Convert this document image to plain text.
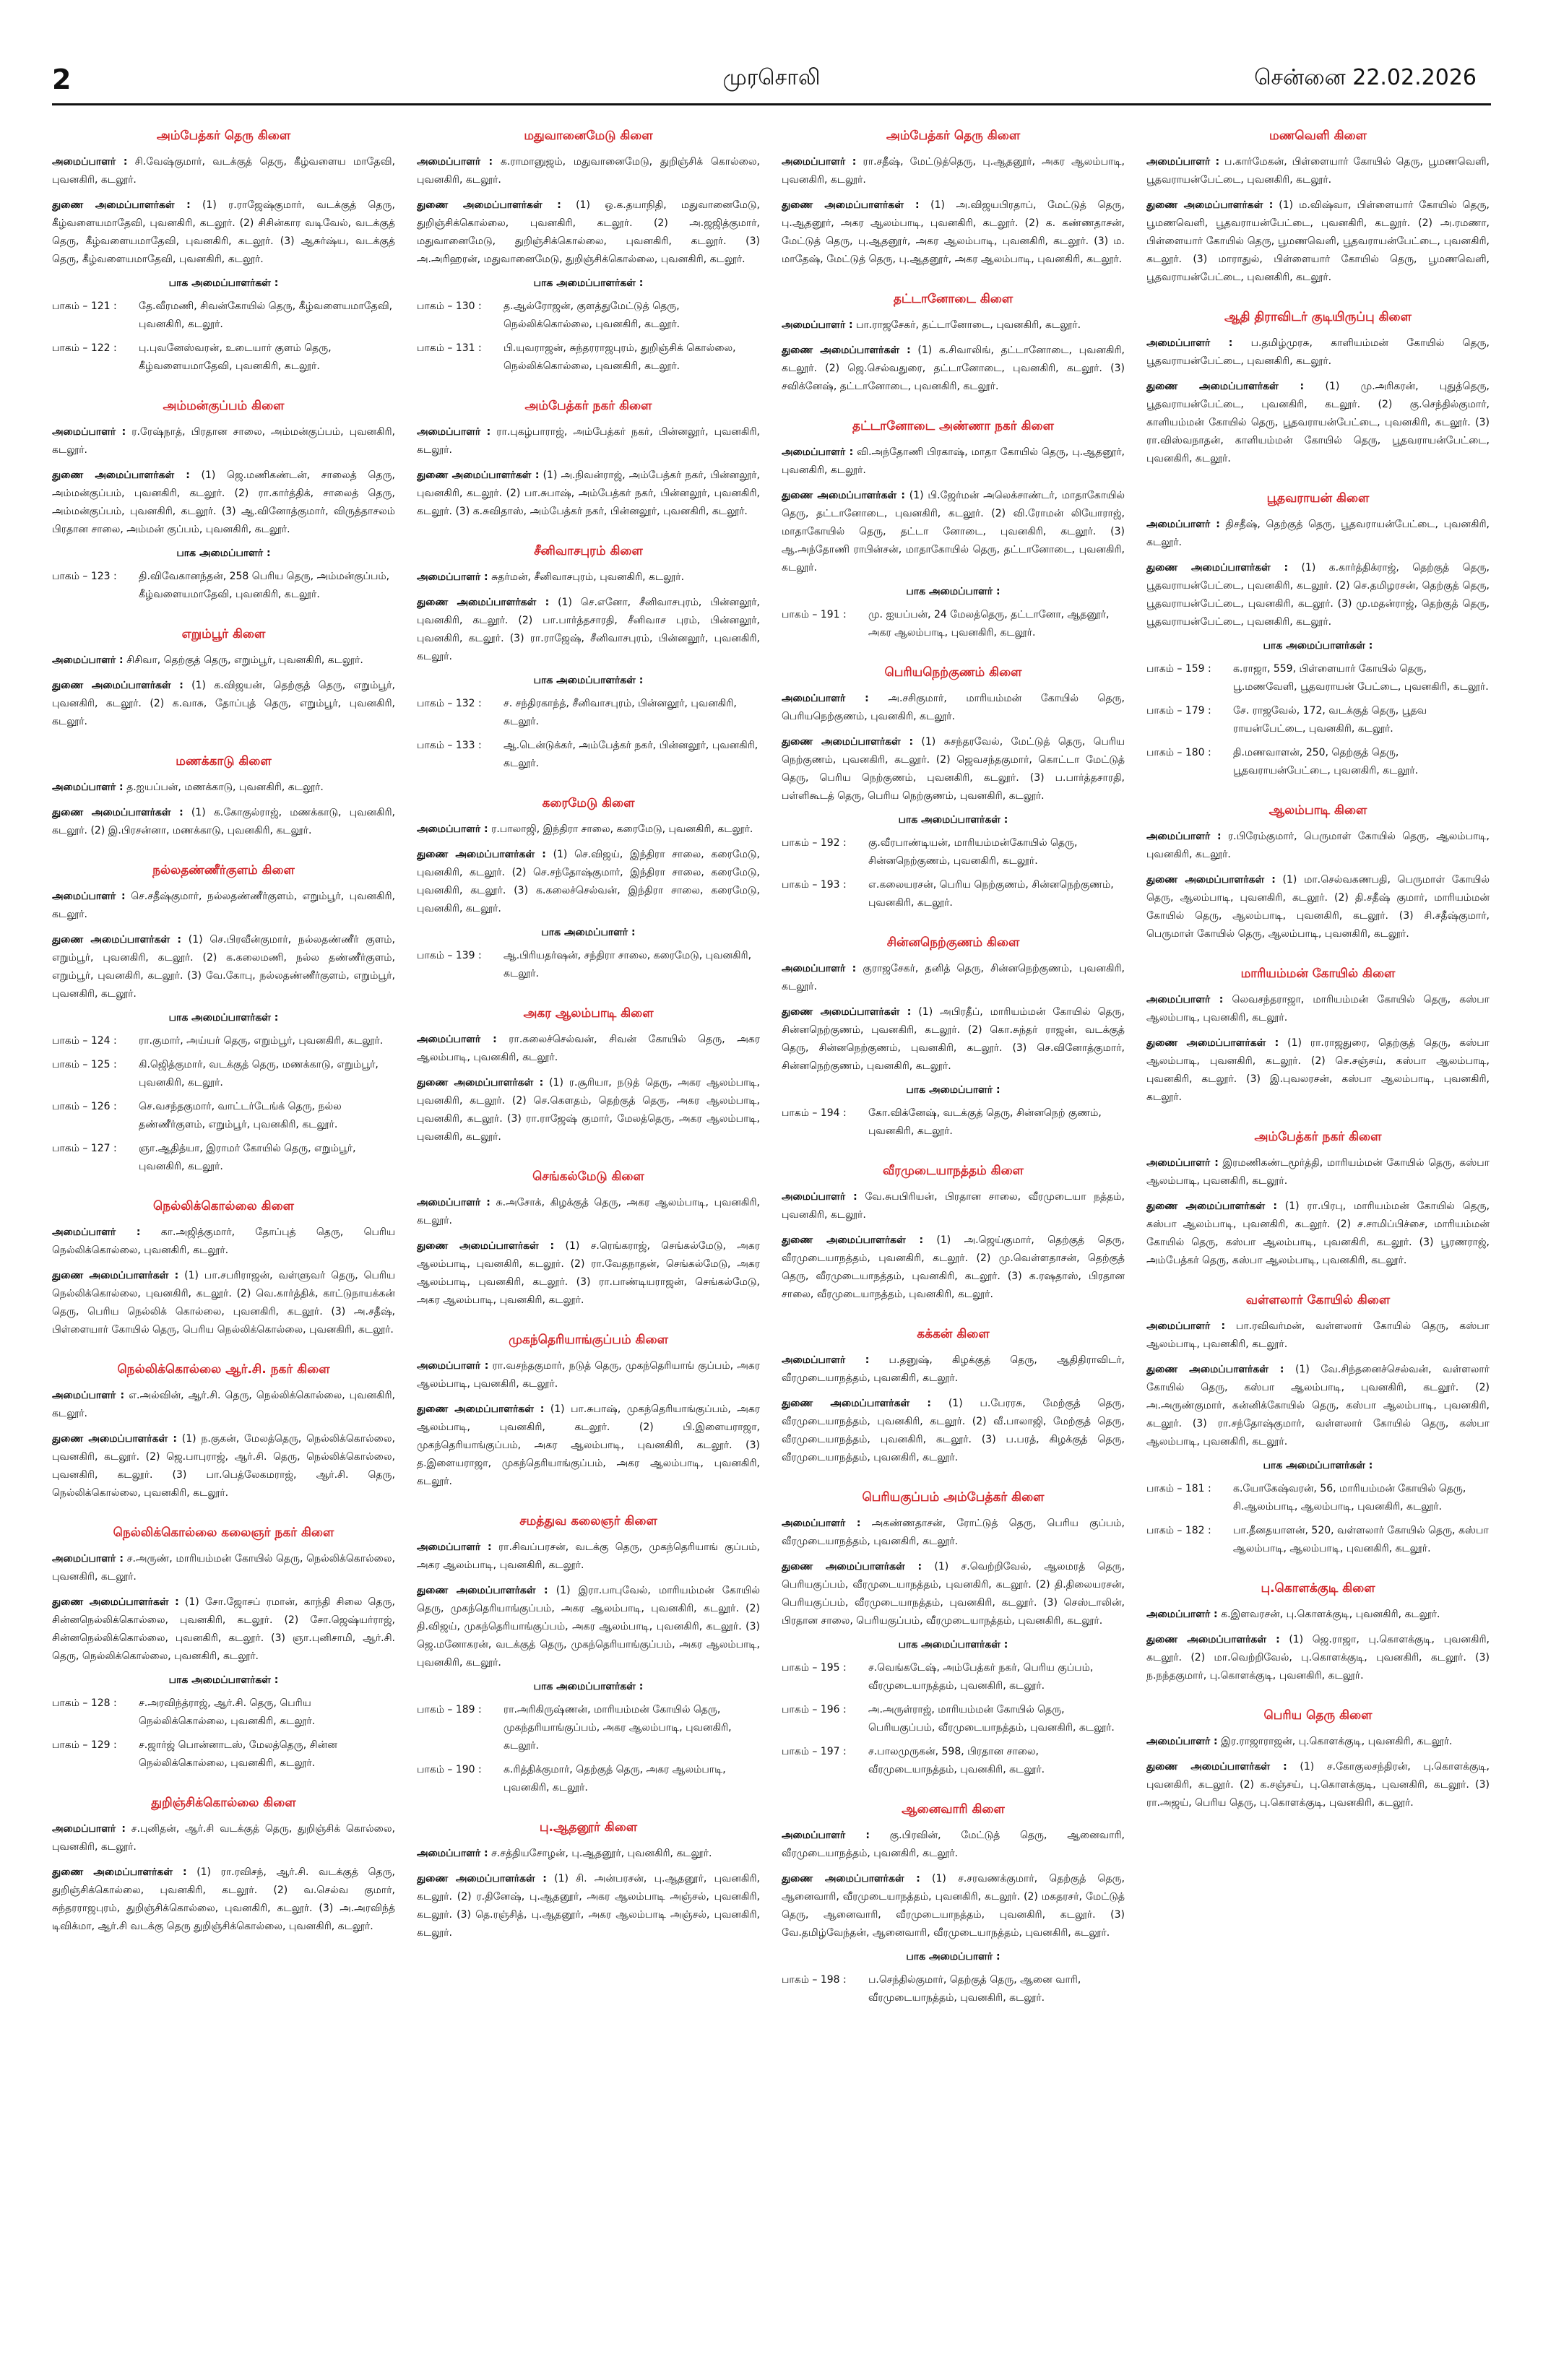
2	முரசொலி	சென்னை 22.02.2026
அம்பேத்கர் தெரு கிளை
அமைப்பாளர் : சி.வேஷ்குமார், வடக்குத் தெரு, கீழ்வளைய மாதேவி, புவனகிரி, கடலூர்.
துணை அமைப்பாளர்கள் : (1) ர.ராஜேஷ்குமார், வடக்குத் தெரு, கீழ்வளையமாதேவி, புவனகிரி, கடலூர். (2) சிசின்கார வடிவேல், வடக்குத் தெரு, கீழ்வளையமாதேவி, புவனகிரி, கடலூர். (3) ஆசுர்ஷ்ய, வடக்குத் தெரு, கீழ்வளையமாதேவி, புவனகிரி, கடலூர்.
பாக அமைப்பாளர்கள் :
பாகம் – 121 :	தே.வீரமணி, சிவன்கோயில் தெரு, கீழ்வளையமாதேவி, புவனகிரி, கடலூர்.
பாகம் – 122 :	பு.புவனேஸ்வரன், உடையார் குளம் தெரு, கீழ்வளையமாதேவி, புவனகிரி, கடலூர்.
அம்மன்குப்பம் கிளை
அமைப்பாளர் : ர.ரேஷ்நாத், பிரதான சாலை, அம்மன்குப்பம், புவனகிரி, கடலூர்.
துணை அமைப்பாளர்கள் : (1) ஜெ.மணிகண்டன், சாலைத் தெரு, அம்மன்குப்பம், புவனகிரி, கடலூர். (2) ரா.கார்த்திக், சாலைத் தெரு, அம்மன்குப்பம், புவனகிரி, கடலூர். (3) ஆ.வினோத்குமார், விருத்தாசலம் பிரதான சாலை, அம்மன் குப்பம், புவனகிரி, கடலூர்.
பாக அமைப்பாளர் :
பாகம் – 123 :	தி.விவேகானந்தன், 258 பெரிய தெரு, அம்மன்குப்பம், கீழ்வளையமாதேவி, புவனகிரி, கடலூர்.
எறும்பூர் கிளை
அமைப்பாளர் : சிசிவா, தெற்குத் தெரு, எறும்பூர், புவனகிரி, கடலூர்.
துணை அமைப்பாளர்கள் : (1) க.விஜயன், தெற்குத் தெரு, எறும்பூர், புவனகிரி, கடலூர். (2) க.வாசு, தோப்புத் தெரு, எறும்பூர், புவனகிரி, கடலூர்.
மணக்காடு கிளை
அமைப்பாளர் : த.ஐயப்பன், மணக்காடு, புவனகிரி, கடலூர்.
துணை அமைப்பாளர்கள் : (1) க.கோகுல்ராஜ், மணக்காடு, புவனகிரி, கடலூர். (2) இ.பிரசன்னா, மணக்காடு, புவனகிரி, கடலூர்.
நல்லதண்ணீர்குளம் கிளை
அமைப்பாளர் : செ.சதீஷ்குமார், நல்லதண்ணீர்குளம், எறும்பூர், புவனகிரி, கடலூர்.
துணை அமைப்பாளர்கள் : (1) செ.பிரவீன்குமார், நல்லதண்ணீர் குளம், எறும்பூர், புவனகிரி, கடலூர். (2) க.கலைமணி, நல்ல தண்ணீர்குளம், எறும்பூர், புவனகிரி, கடலூர். (3) வே.கோபு, நல்லதண்ணீர்குளம், எறும்பூர், புவனகிரி, கடலூர்.
பாக அமைப்பாளர்கள் :
பாகம் – 124 :	ரா.குமார், அய்யர் தெரு, எறும்பூர், புவனகிரி, கடலூர்.
பாகம் – 125 :	கி.ஜெித்குமார், வடக்குத் தெரு, மணக்காடு, எறும்பூர், புவனகிரி, கடலூர்.
பாகம் – 126 :	செ.வசந்தகுமார், வாட்டர்டேங்க் தெரு, நல்ல தண்ணீர்குளம், எறும்பூர், புவனகிரி, கடலூர்.
பாகம் – 127 :	ஞா.ஆதித்யா, இராமர் கோயில் தெரு, எறும்பூர், புவனகிரி, கடலூர்.
நெல்லிக்கொல்லை கிளை
அமைப்பாளர் : கா.அஜித்குமார், தோப்புத் தெரு, பெரிய நெல்லிக்கொல்லை, புவனகிரி, கடலூர்.
துணை அமைப்பாளர்கள் : (1) பா.சபரிராஜன், வள்ளுவர் தெரு, பெரிய நெல்லிக்கொல்லை, புவனகிரி, கடலூர். (2) வெ.கார்த்திக், காட்டுநாயக்கன் தெரு, பெரிய நெல்லிக் கொல்லை, புவனகிரி, கடலூர். (3) அ.சதீஷ், பிள்ளையார் கோயில் தெரு, பெரிய நெல்லிக்கொல்லை, புவனகிரி, கடலூர்.
நெல்லிக்கொல்லை ஆர்.சி. நகர் கிளை
அமைப்பாளர் : எ.அல்வின், ஆர்.சி. தெரு, நெல்லிக்கொல்லை, புவனகிரி, கடலூர்.
துணை அமைப்பாளர்கள் : (1) ந.குகன், மேலத்தெரு, நெல்லிக்கொல்லை, புவனகிரி, கடலூர். (2) ஜெ.பாபுராஜ், ஆர்.சி. தெரு, நெல்லிக்கொல்லை, புவனகிரி, கடலூர். (3) பா.பெத்லேகமராஜ், ஆர்.சி. தெரு, நெல்லிக்கொல்லை, புவனகிரி, கடலூர்.
நெல்லிக்கொல்லை கலைஞர் நகர் கிளை
அமைப்பாளர் : ச.அருண், மாரியம்மன் கோயில் தெரு, நெல்லிக்கொல்லை, புவனகிரி, கடலூர்.
துணை அமைப்பாளர்கள் : (1) சோ.ஜோசப் ரமான், காந்தி சிலை தெரு, சின்னநெல்லிக்கொல்லை, புவனகிரி, கடலூர். (2) சோ.ஜெஷ்யர்ராஜ், சின்னநெல்லிக்கொல்லை, புவனகிரி, கடலூர். (3) ஞா.புனிசாமி, ஆர்.சி. தெரு, நெல்லிக்கொல்லை, புவனகிரி, கடலூர்.
பாக அமைப்பாளர்கள் :
பாகம் – 128 :	ச.அரவிந்த்ராஜ், ஆர்.சி. தெரு, பெரிய நெல்லிக்கொல்லை, புவனகிரி, கடலூர்.
பாகம் – 129 :	ச.ஜார்ஜ் பொன்னாடஸ், மேலத்தெரு, சின்ன நெல்லிக்கொல்லை, புவனகிரி, கடலூர்.
துறிஞ்சிக்கொல்லை கிளை
அமைப்பாளர் : ச.புனிதன், ஆர்.சி வடக்குத் தெரு, துறிஞ்சிக் கொல்லை, புவனகிரி, கடலூர்.
துணை அமைப்பாளர்கள் : (1) ரா.ரவிசந், ஆர்.சி. வடக்குத் தெரு, துறிஞ்சிக்கொல்லை, புவனகிரி, கடலூர். (2) வ.செல்வ குமார், சுந்தரராஜபுரம், துறிஞ்சிக்கொல்லை, புவனகிரி, கடலூர். (3) அ.அரவிந்த் டிவிக்மா, ஆர்.சி வடக்கு தெரு துறிஞ்சிக்கொல்லை, புவனகிரி, கடலூர்.
மதுவானைமேடு கிளை
அமைப்பாளர் : க.ராமானுஜம், மதுவானைமேடு, துறிஞ்சிக் கொல்லை, புவனகிரி, கடலூர்.
துணை அமைப்பாளர்கள் : (1) ஒ.க.தயாநிதி, மதுவானைமேடு, துறிஞ்சிக்கொல்லை, புவனகிரி, கடலூர். (2) அ.ஜஜித்குமார், மதுவானைமேடு, துறிஞ்சிக்கொல்லை, புவனகிரி, கடலூர். (3) அ.அரிஹரன், மதுவானைமேடு, துறிஞ்சிக்கொல்லை, புவனகிரி, கடலூர்.
பாக அமைப்பாளர்கள் :
பாகம் – 130 :	த.ஆல்ரோஜன், குளத்துமேட்டுத் தெரு, நெல்லிக்கொல்லை, புவனகிரி, கடலூர்.
பாகம் – 131 :	பி.யுவராஜன், சுந்தரராஜபுரம், துறிஞ்சிக் கொல்லை, நெல்லிக்கொல்லை, புவனகிரி, கடலூர்.
அம்பேத்கர் நகர் கிளை
அமைப்பாளர் : ரா.புகழ்பாராஜ், அம்பேத்கர் நகர், பின்னலூர், புவனகிரி, கடலூர்.
துணை அமைப்பாளர்கள் : (1) அ.நிவன்ராஜ், அம்பேத்கர் நகர், பின்னலூர், புவனகிரி, கடலூர். (2) பா.சுபாஷ், அம்பேத்கர் நகர், பின்னலூர், புவனகிரி, கடலூர். (3) க.சுவிதாஸ், அம்பேத்கர் நகர், பின்னலூர், புவனகிரி, கடலூர்.
சீனிவாசபுரம் கிளை
அமைப்பாளர் : சுதர்மன், சீனிவாசபுரம், புவனகிரி, கடலூர்.
துணை அமைப்பாளர்கள் : (1) செ.எனோ, சீனிவாசபுரம், பின்னலூர், புவனகிரி, கடலூர். (2) பா.பார்த்தசாரதி, சீனிவாச புரம், பின்னலூர், புவனகிரி, கடலூர். (3) ரா.ராஜேஷ், சீனிவாசபுரம், பின்னலூர், புவனகிரி, கடலூர்.
பாக அமைப்பாளர்கள் :
பாகம் – 132 :	ச. சந்திரகாந்த், சீனிவாசபுரம், பின்னலூர், புவனகிரி, கடலூர்.
பாகம் – 133 :	ஆ.டென்டுக்கர், அம்பேத்கர் நகர், பின்னலூர், புவனகிரி, கடலூர்.
கரைமேடு கிளை
அமைப்பாளர் : ர.பாலாஜி, இந்திரா சாலை, கரைமேடு, புவனகிரி, கடலூர்.
துணை அமைப்பாளர்கள் : (1) செ.விஜய், இந்திரா சாலை, கரைமேடு, புவனகிரி, கடலூர். (2) செ.சந்தோஷ்குமார், இந்திரா சாலை, கரைமேடு, புவனகிரி, கடலூர். (3) க.கலைச்செல்வன், இந்திரா சாலை, கரைமேடு, புவனகிரி, கடலூர்.
பாக அமைப்பாளர் :
பாகம் – 139 :	ஆ.பிரியதர்ஷன், சந்திரா சாலை, கரைமேடு, புவனகிரி, கடலூர்.
அகர ஆலம்பாடி கிளை
அமைப்பாளர் : ரா.கலைச்செல்வன், சிவன் கோயில் தெரு, அகர ஆலம்பாடி, புவனகிரி, கடலூர்.
துணை அமைப்பாளர்கள் : (1) ர.சூரியா, நடுத் தெரு, அகர ஆலம்பாடி, புவனகிரி, கடலூர். (2) செ.கெளதம், தெற்குத் தெரு, அகர ஆலம்பாடி, புவனகிரி, கடலூர். (3) ரா.ராஜேஷ் குமார், மேலத்தெரு, அகர ஆலம்பாடி, புவனகிரி, கடலூர்.
செங்கல்மேடு கிளை
அமைப்பாளர் : சு.அசோக், கிழக்குத் தெரு, அகர ஆலம்பாடி, புவனகிரி, கடலூர்.
துணை அமைப்பாளர்கள் : (1) ச.ரெங்கராஜ், செங்கல்மேடு, அகர ஆலம்பாடி, புவனகிரி, கடலூர். (2) ரா.வேதநாதன், செங்கல்மேடு, அகர ஆலம்பாடி, புவனகிரி, கடலூர். (3) ரா.பாண்டியராஜன், செங்கல்மேடு, அகர ஆலம்பாடி, புவனகிரி, கடலூர்.
முகந்தெரியாங்குப்பம் கிளை
அமைப்பாளர் : ரா.வசந்தகுமார், நடுத் தெரு, முகந்தெரியாங் குப்பம், அகர ஆலம்பாடி, புவனகிரி, கடலூர்.
துணை அமைப்பாளர்கள் : (1) பா.சுபாஷ், முகந்தெரியாங்குப்பம், அகர ஆலம்பாடி, புவனகிரி, கடலூர். (2) பி.இளையராஜா, முகந்தெரியாங்குப்பம், அகர ஆலம்பாடி, புவனகிரி, கடலூர். (3) த.இளையராஜா, முகந்தெரியாங்குப்பம், அகர ஆலம்பாடி, புவனகிரி, கடலூர்.
சமத்துவ கலைஞர் கிளை
அமைப்பாளர் : ரா.சிவப்பரசன், வடக்கு தெரு, முகந்தெரியாங் குப்பம், அகர ஆலம்பாடி, புவனகிரி, கடலூர்.
துணை அமைப்பாளர்கள் : (1) இரா.பாபுவேல், மாரியம்மன் கோயில் தெரு, முகந்தெரியாங்குப்பம், அகர ஆலம்பாடி, புவனகிரி, கடலூர். (2) தி.விஜய், முகந்தெரியாங்குப்பம், அகர ஆலம்பாடி, புவனகிரி, கடலூர். (3) ஜெ.மனோகரன், வடக்குத் தெரு, முகந்தெரியாங்குப்பம், அகர ஆலம்பாடி, புவனகிரி, கடலூர்.
பாக அமைப்பாளர்கள் :
பாகம் – 189 :	ரா.அரிகிருஷ்ணன், மாரியம்மன் கோயில் தெரு, முகந்தரியாங்குப்பம், அகர ஆலம்பாடி, புவனகிரி, கடலூர்.
பாகம் – 190 :	க.ரித்திக்குமார், தெற்குத் தெரு, அகர ஆலம்பாடி, புவனகிரி, கடலூர்.
பு.ஆதனூர் கிளை
அமைப்பாளர் : ச.சத்தியசோழன், பு.ஆதனூர், புவனகிரி, கடலூர்.
துணை அமைப்பாளர்கள் : (1) சி. அன்பரசன், பு.ஆதனூர், புவனகிரி, கடலூர். (2) ர.தினேஷ், பு.ஆதனூர், அகர ஆலம்பாடி அஞ்சல், புவனகிரி, கடலூர். (3) தெ.ரஞ்சித், பு.ஆதனூர், அகர ஆலம்பாடி அஞ்சல், புவனகிரி, கடலூர்.
அம்பேத்கர் தெரு கிளை
அமைப்பாளர் : ரா.சதீஷ், மேட்டுத்தெரு, பு.ஆதனூர், அகர ஆலம்பாடி, புவனகிரி, கடலூர்.
துணை அமைப்பாளர்கள் : (1) அ.விஜயபிரதாப், மேட்டுத் தெரு, பு.ஆதனூர், அகர ஆலம்பாடி, புவனகிரி, கடலூர். (2) க. கண்ணதாசன், மேட்டுத் தெரு, பு.ஆதனூர், அகர ஆலம்பாடி, புவனகிரி, கடலூர். (3) ம. மாதேஷ், மேட்டுத் தெரு, பு.ஆதனூர், அகர ஆலம்பாடி, புவனகிரி, கடலூர்.
தட்டானோடை கிளை
அமைப்பாளர் : பா.ராஜசேகர், தட்டானோடை, புவனகிரி, கடலூர்.
துணை அமைப்பாளர்கள் : (1) க.சிவாலிங், தட்டானோடை, புவனகிரி, கடலூர். (2) ஜெ.செல்வதுரை, தட்டானோடை, புவனகிரி, கடலூர். (3) சவிக்னேஷ், தட்டானோடை, புவனகிரி, கடலூர்.
தட்டானோடை அண்ணா நகர் கிளை
அமைப்பாளர் : வி.அந்தோணி பிரகாஷ், மாதா கோயில் தெரு, பு.ஆதனூர், புவனகிரி, கடலூர்.
துணை அமைப்பாளர்கள் : (1) பி.ஜேர்மன் அலெக்சாண்டர், மாதாகோயில் தெரு, தட்டானோடை, புவனகிரி, கடலூர். (2) வி.ரோமன் லியோராஜ், மாதாகோயில் தெரு, தட்டா னோடை, புவனகிரி, கடலூர். (3) ஆ.அந்தோணி ராபின்சன், மாதாகோயில் தெரு, தட்டானோடை, புவனகிரி, கடலூர்.
பாக அமைப்பாளர் :
பாகம் – 191 :	மு. ஐயப்பன், 24 மேலத்தெரு, தட்டானோ, ஆதனூர், அகர ஆலம்பாடி, புவனகிரி, கடலூர்.
பெரியநெற்குணம் கிளை
அமைப்பாளர் : அ.சசிகுமார், மாரியம்மன் கோயில் தெரு, பெரியநெற்குணம், புவனகிரி, கடலூர்.
துணை அமைப்பாளர்கள் : (1) சுசந்தரவேல், மேட்டுத் தெரு, பெரிய நெற்குணம், புவனகிரி, கடலூர். (2) ஜெவசந்தகுமார், கொட்டா மேட்டுத் தெரு, பெரிய நெற்குணம், புவனகிரி, கடலூர். (3) ப.பார்த்தசாரதி, பள்ளிகூடத் தெரு, பெரிய நெற்குணம், புவனகிரி, கடலூர்.
பாக அமைப்பாளர்கள் :
பாகம் – 192 :	கு.வீரபாண்டியன், மாரியம்மன்கோயில் தெரு, சின்னநெற்குணம், புவனகிரி, கடலூர்.
பாகம் – 193 :	எ.கலையரசன், பெரிய நெற்குணம், சின்னநெற்குணம், புவனகிரி, கடலூர்.
சின்னநெற்குணம் கிளை
அமைப்பாளர் : குராஜசேகர், தனித் தெரு, சின்னநெற்குணம், புவனகிரி, கடலூர்.
துணை அமைப்பாளர்கள் : (1) அபிரதீப், மாரியம்மன் கோயில் தெரு, சின்னநெற்குணம், புவனகிரி, கடலூர். (2) கொ.சுந்தர் ராஜன், வடக்குத் தெரு, சின்னநெற்குணம், புவனகிரி, கடலூர். (3) செ.வினோத்குமார், சின்னநெற்குணம், புவனகிரி, கடலூர்.
பாக அமைப்பாளர் :
பாகம் – 194 :	கோ.விக்னேஷ், வடக்குத் தெரு, சின்னநெற் குணம், புவனகிரி, கடலூர்.
வீரமுடையாநத்தம் கிளை
அமைப்பாளர் : வே.சுபபிரியன், பிரதான சாலை, வீரமுடையா நத்தம், புவனகிரி, கடலூர்.
துணை அமைப்பாளர்கள் : (1) அ.ஜெய்குமார், தெற்குத் தெரு, வீரமுடையாநத்தம், புவனகிரி, கடலூர். (2) மு.வெள்ளதாசன், தெற்குத் தெரு, வீரமுடையாநத்தம், புவனகிரி, கடலூர். (3) க.ரஷதாஸ், பிரதான சாலை, வீரமுடையாநத்தம், புவனகிரி, கடலூர்.
கக்கன் கிளை
அமைப்பாளர் : ப.தனுஷ், கிழக்குத் தெரு, ஆதிதிராவிடர், வீரமுடையாநத்தம், புவனகிரி, கடலூர்.
துணை அமைப்பாளர்கள் : (1) ப.பேரரசு, மேற்குத் தெரு, வீரமுடையாநத்தம், புவனகிரி, கடலூர். (2) வீ.பாலாஜி, மேற்குத் தெரு, வீரமுடையாநத்தம், புவனகிரி, கடலூர். (3) ப.பரத், கிழக்குத் தெரு, வீரமுடையாநத்தம், புவனகிரி, கடலூர்.
பெரியகுப்பம் அம்பேத்கர் கிளை
அமைப்பாளர் : அகண்ணதாசன், ரோட்டுத் தெரு, பெரிய குப்பம், வீரமுடையாநத்தம், புவனகிரி, கடலூர்.
துணை அமைப்பாளர்கள் : (1) ச.வெற்றிவேல், ஆலமரத் தெரு, பெரியகுப்பம், வீரமுடையாநத்தம், புவனகிரி, கடலூர். (2) தி.திலையரசன், பெரியகுப்பம், வீரமுடையாநத்தம், புவனகிரி, கடலூர். (3) செஸ்டாலின், பிரதான சாலை, பெரியகுப்பம், வீரமுடையாநத்தம், புவனகிரி, கடலூர்.
பாக அமைப்பாளர்கள் :
பாகம் – 195 :	ச.வெங்கடேஷ், அம்பேத்கர் நகர், பெரிய குப்பம், வீரமுடையாநத்தம், புவனகிரி, கடலூர்.
பாகம் – 196 :	அ.அருள்ராஜ், மாரியம்மன் கோயில் தெரு, பெரியகுப்பம், வீரமுடையாநத்தம், புவனகிரி, கடலூர்.
பாகம் – 197 :	ச.பாலமுருகன், 598, பிரதான சாலை, வீரமுடையாநத்தம், புவனகிரி, கடலூர்.
ஆனைவாரி கிளை
அமைப்பாளர் : கு.பிரவின், மேட்டுத் தெரு, ஆனைவாரி, வீரமுடையாநத்தம், புவனகிரி, கடலூர்.
துணை அமைப்பாளர்கள் : (1) ச.சரவணக்குமார், தெற்குத் தெரு, ஆனைவாரி, வீரமுடையாநத்தம், புவனகிரி, கடலூர். (2) மகதரசர், மேட்டுத் தெரு, ஆனைவாரி, வீரமுடையாநத்தம், புவனகிரி, கடலூர். (3) வே.தமிழ்வேந்தன், ஆனைவாரி, வீரமுடையாநத்தம், புவனகிரி, கடலூர்.
பாக அமைப்பாளர் :
பாகம் – 198 :	ப.செந்தில்குமார், தெற்குத் தெரு, ஆனை வாரி, வீரமுடையாநத்தம், புவனகிரி, கடலூர்.
மணவெளி கிளை
அமைப்பாளர் : ப.கார்மேகன், பிள்ளையார் கோயில் தெரு, பூமணவெளி, பூதவராயன்பேட்டை, புவனகிரி, கடலூர்.
துணை அமைப்பாளர்கள் : (1) ம.விஷ்வா, பிள்ளையார் கோயில் தெரு, பூமணவெளி, பூதவராயன்பேட்டை, புவனகிரி, கடலூர். (2) அ.ரமணா, பிள்ளையார் கோயில் தெரு, பூமணவெளி, பூதவராயன்பேட்டை, புவனகிரி, கடலூர். (3) மாராதுல், பிள்ளையார் கோயில் தெரு, பூமணவெளி, பூதவராயன்பேட்டை, புவனகிரி, கடலூர்.
ஆதி திராவிடர் குடியிருப்பு கிளை
அமைப்பாளர் : ப.தமிழ்முரசு, காளியம்மன் கோயில் தெரு, பூதவராயன்பேட்டை, புவனகிரி, கடலூர்.
துணை அமைப்பாளர்கள் : (1) மு.அரிகரன், புதுத்தெரு, பூதவராயன்பேட்டை, புவனகிரி, கடலூர். (2) கு.செந்தில்குமார், காளியம்மன் கோயில் தெரு, பூதவராயன்பேட்டை, புவனகிரி, கடலூர். (3) ரா.விஸ்வநாதன், காளியம்மன் கோயில் தெரு, பூதவராயன்பேட்டை, புவனகிரி, கடலூர்.
பூதவராயன் கிளை
அமைப்பாளர் : திசதீஷ், தெற்குத் தெரு, பூதவராயன்பேட்டை, புவனகிரி, கடலூர்.
துணை அமைப்பாளர்கள் : (1) க.கார்த்திக்ராஜ், தெற்குத் தெரு, பூதவராயன்பேட்டை, புவனகிரி, கடலூர். (2) செ.தமிழரசன், தெற்குத் தெரு, பூதவராயன்பேட்டை, புவனகிரி, கடலூர். (3) மு.மதன்ராஜ், தெற்குத் தெரு, பூதவராயன்பேட்டை, புவனகிரி, கடலூர்.
பாக அமைப்பாளர்கள் :
பாகம் – 159 :	க.ராஜா, 559, பிள்ளையார் கோயில் தெரு, பூ.மணவேளி, பூதவராயன் பேட்டை, புவனகிரி, கடலூர்.
பாகம் – 179 :	சே. ராஜவேல், 172, வடக்குத் தெரு, பூதவ ராயன்பேட்டை, புவனகிரி, கடலூர்.
பாகம் – 180 :	தி.மணவாளன், 250, தெற்குத் தெரு, பூதவராயன்பேட்டை, புவனகிரி, கடலூர்.
ஆலம்பாடி கிளை
அமைப்பாளர் : ர.பிரேம்குமார், பெருமாள் கோயில் தெரு, ஆலம்பாடி, புவனகிரி, கடலூர்.
துணை அமைப்பாளர்கள் : (1) மா.செல்வகணபதி, பெருமாள் கோயில் தெரு, ஆலம்பாடி, புவனகிரி, கடலூர். (2) தி.சதீஷ் குமார், மாரியம்மன் கோயில் தெரு, ஆலம்பாடி, புவனகிரி, கடலூர். (3) சி.சதீஷ்குமார், பெருமாள் கோயில் தெரு, ஆலம்பாடி, புவனகிரி, கடலூர்.
மாரியம்மன் கோயில் கிளை
அமைப்பாளர் : லெவசந்தராஜா, மாரியம்மன் கோயில் தெரு, கஸ்பா ஆலம்பாடி, புவனகிரி, கடலூர்.
துணை அமைப்பாளர்கள் : (1) ரா.ராஜதுரை, தெற்குத் தெரு, கஸ்பா ஆலம்பாடி, புவனகிரி, கடலூர். (2) செ.சஞ்சய், கஸ்பா ஆலம்பாடி, புவனகிரி, கடலூர். (3) இ.புவலரசன், கஸ்பா ஆலம்பாடி, புவனகிரி, கடலூர்.
அம்பேத்கர் நகர் கிளை
அமைப்பாளர் : இரமணிகண்டமூர்த்தி, மாரியம்மன் கோயில் தெரு, கஸ்பா ஆலம்பாடி, புவனகிரி, கடலூர்.
துணை அமைப்பாளர்கள் : (1) ரா.பிரபு, மாரியம்மன் கோயில் தெரு, கஸ்பா ஆலம்பாடி, புவனகிரி, கடலூர். (2) ச.சாமிப்பிச்சை, மாரியம்மன் கோயில் தெரு, கஸ்பா ஆலம்பாடி, புவனகிரி, கடலூர். (3) பூரணராஜ், அம்பேத்கர் தெரு, கஸ்பா ஆலம்பாடி, புவனகிரி, கடலூர்.
வள்ளலார் கோயில் கிளை
அமைப்பாளர் : பா.ரவிவர்மன், வள்ளலார் கோயில் தெரு, கஸ்பா ஆலம்பாடி, புவனகிரி, கடலூர்.
துணை அமைப்பாளர்கள் : (1) வே.சிந்தனைச்செல்வன், வள்ளலார் கோயில் தெரு, கஸ்பா ஆலம்பாடி, புவனகிரி, கடலூர். (2) அ.அருண்குமார், கன்னிக்கோயில் தெரு, கஸ்பா ஆலம்பாடி, புவனகிரி, கடலூர். (3) ரா.சந்தோஷ்குமார், வள்ளலார் கோயில் தெரு, கஸ்பா ஆலம்பாடி, புவனகிரி, கடலூர்.
பாக அமைப்பாளர்கள் :
பாகம் – 181 :	க.யோகேஷ்வரன், 56, மாரியம்மன் கோயில் தெரு, சி.ஆலம்பாடி, ஆலம்பாடி, புவனகிரி, கடலூர்.
பாகம் – 182 :	பா.தீனதயாளன், 520, வள்ளலார் கோயில் தெரு, கஸ்பா ஆலம்பாடி, ஆலம்பாடி, புவனகிரி, கடலூர்.
பு.கொளக்குடி கிளை
அமைப்பாளர் : க.இளவரசன், பு.கொளக்குடி, புவனகிரி, கடலூர்.
துணை அமைப்பாளர்கள் : (1) ஜெ.ராஜா, பு.கொளக்குடி, புவனகிரி, கடலூர். (2) மா.வெற்றிவேல், பு.கொளக்குடி, புவனகிரி, கடலூர். (3) ந.நந்தகுமார், பு.கொளக்குடி, புவனகிரி, கடலூர்.
பெரிய தெரு கிளை
அமைப்பாளர் : இர.ராஜாராஜன், பு.கொளக்குடி, புவனகிரி, கடலூர்.
துணை அமைப்பாளர்கள் : (1) ச.கோகுலசந்திரன், பு.கொளக்குடி, புவனகிரி, கடலூர். (2) க.சஞ்சய், பு.கொளக்குடி, புவனகிரி, கடலூர். (3) ரா.அஜய், பெரிய தெரு, பு.கொளக்குடி, புவனகிரி, கடலூர்.
